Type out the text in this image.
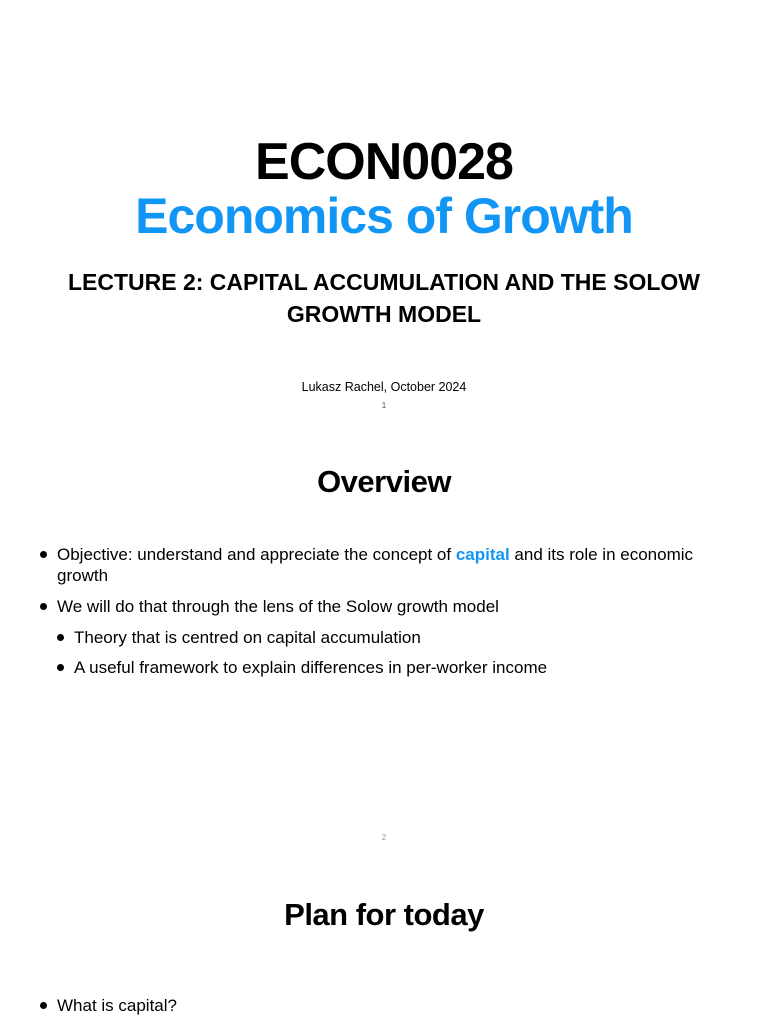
ECON0028
Economics of Growth
LECTURE 2: CAPITAL ACCUMULATION AND THE SOLOW GROWTH MODEL
Lukasz Rachel, October 2024
1
Overview
Objective: understand and appreciate the concept of capital and its role in economic growth
We will do that through the lens of the Solow growth model
Theory that is centred on capital accumulation
A useful framework to explain differences in per-worker income
2
Plan for today
What is capital?
